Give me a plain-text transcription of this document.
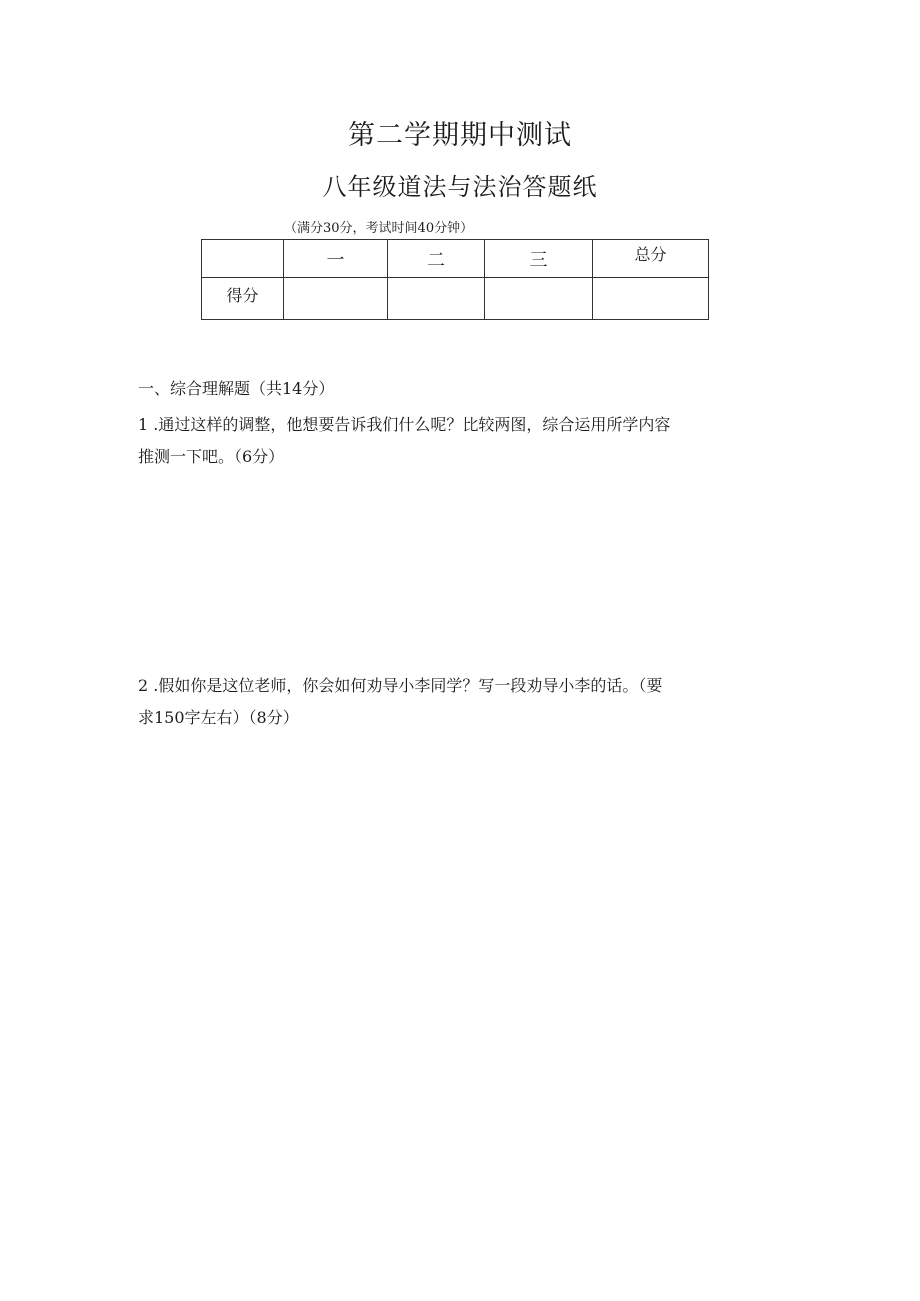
第二学期期中测试
八年级道法与法治答题纸
（满分30分，考试时间40分钟）
	一	二	三	总分
得分				
一、综合理解题（共14分）
1 .通过这样的调整，他想要告诉我们什么呢？比较两图，综合运用所学内容
推测一下吧。（6分）
2 .假如你是这位老师，你会如何劝导小李同学？写一段劝导小李的话。（要
求150字左右）（8分）
